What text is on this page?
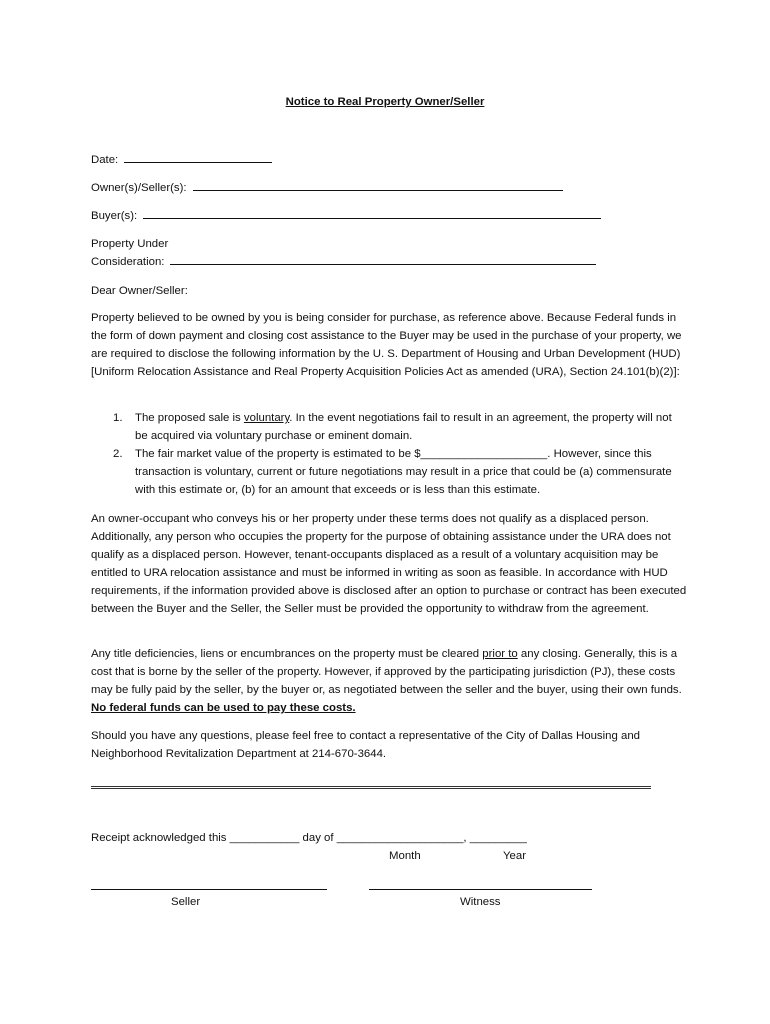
Notice to Real Property Owner/Seller
Date:
Owner(s)/Seller(s):
Buyer(s):
Property Under
Consideration:
Dear Owner/Seller:

Property believed to be owned by you is being consider for purchase, as reference above. Because Federal funds in the form of down payment and closing cost assistance to the Buyer may be used in the purchase of your property, we are required to disclose the following information by the U. S. Department of Housing and Urban Development (HUD) [Uniform Relocation Assistance and Real Property Acquisition Policies Act as amended (URA), Section 24.101(b)(2)]:

1. The proposed sale is voluntary. In the event negotiations fail to result in an agreement, the property will not be acquired via voluntary purchase or eminent domain.
2. The fair market value of the property is estimated to be $____________________. However, since this transaction is voluntary, current or future negotiations may result in a price that could be (a) commensurate with this estimate or, (b) for an amount that exceeds or is less than this estimate.

An owner-occupant who conveys his or her property under these terms does not qualify as a displaced person. Additionally, any person who occupies the property for the purpose of obtaining assistance under the URA does not qualify as a displaced person. However, tenant-occupants displaced as a result of a voluntary acquisition may be entitled to URA relocation assistance and must be informed in writing as soon as feasible. In accordance with HUD requirements, if the information provided above is disclosed after an option to purchase or contract has been executed between the Buyer and the Seller, the Seller must be provided the opportunity to withdraw from the agreement.

Any title deficiencies, liens or encumbrances on the property must be cleared prior to any closing. Generally, this is a cost that is borne by the seller of the property. However, if approved by the participating jurisdiction (PJ), these costs may be fully paid by the seller, by the buyer or, as negotiated between the seller and the buyer, using their own funds. No federal funds can be used to pay these costs.

Should you have any questions, please feel free to contact a representative of the City of Dallas Housing and Neighborhood Revitalization Department at 214-670-3644.

Receipt acknowledged this ___________ day of ____________________, _________
Month	Year
Seller	Witness
